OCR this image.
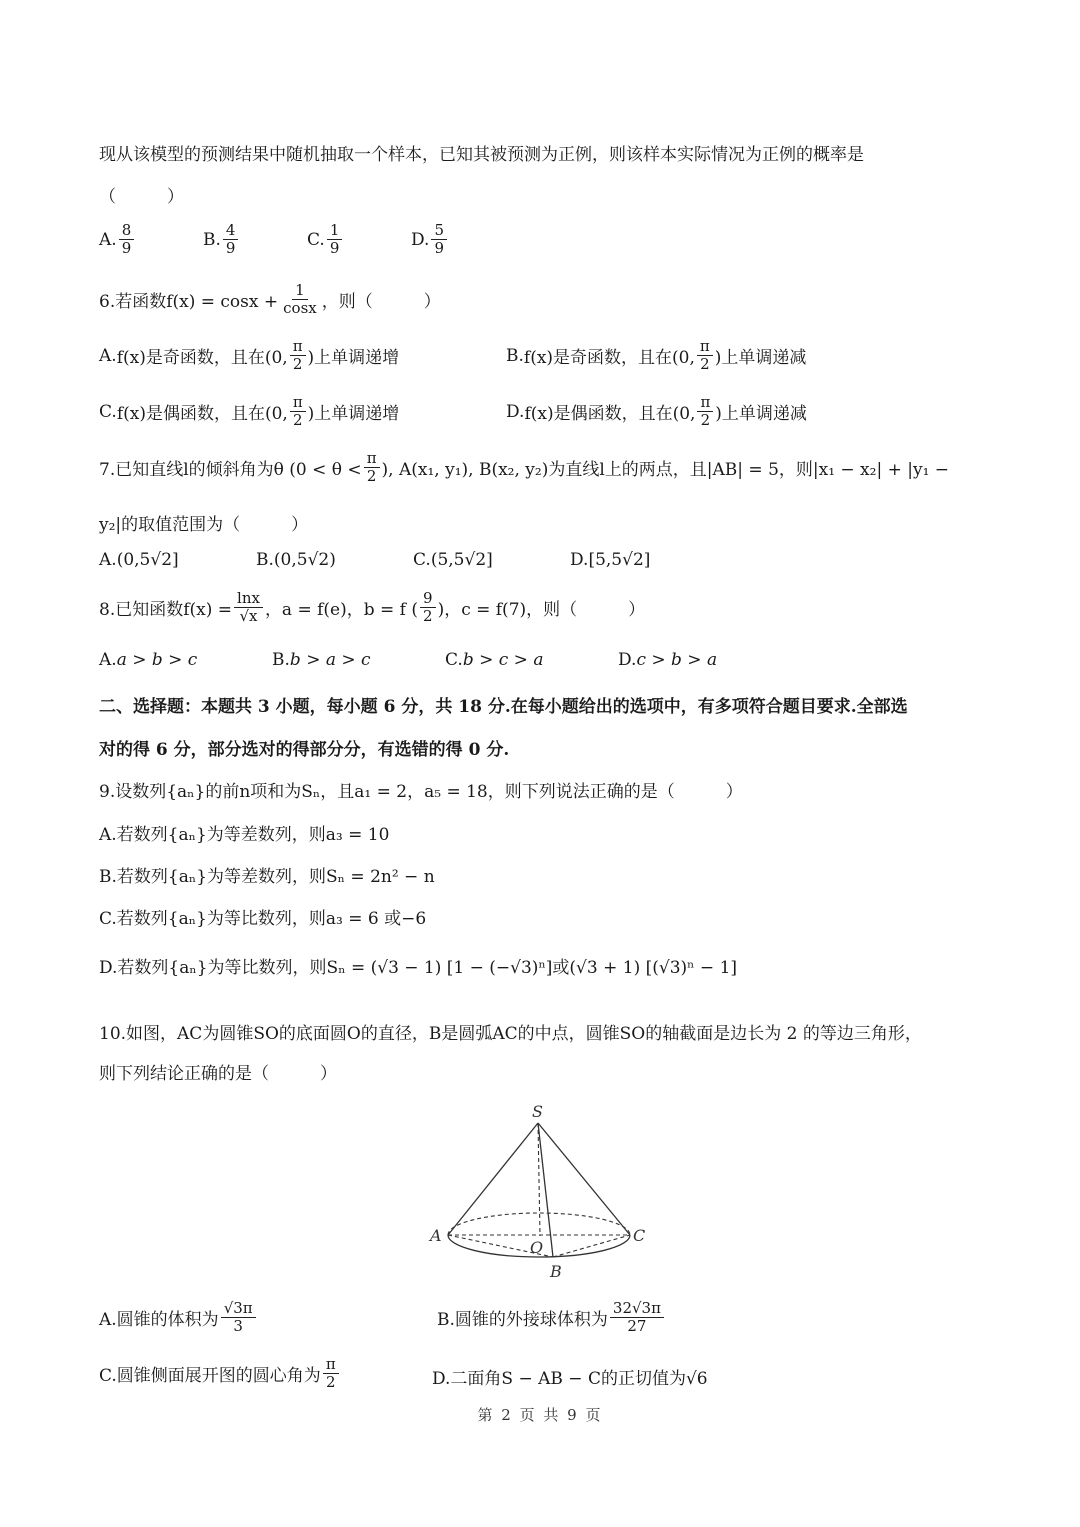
现从该模型的预测结果中随机抽取一个样本，已知其被预测为正例，则该样本实际情况为正例的概率是
（　　　）
A. $\frac{8}{9}$	B. $\frac{4}{9}$	C. $\frac{1}{9}$	D. $\frac{5}{9}$
6.若函数$f(x) = \cos x + \frac{1}{\cos x}$ ，则（　　　）
A. f(x)是奇函数，且在(0, $\frac{\pi}{2}$ )上单调递增	B. f(x)是奇函数，且在(0, $\frac{\pi}{2}$ )上单调递减
C. f(x)是偶函数，且在(0, $\frac{\pi}{2}$ )上单调递增	D. f(x)是偶函数，且在(0, $\frac{\pi}{2}$ )上单调递减
7.已知直线l的倾斜角为θ ($0 < \theta < \frac{\pi}{2}$ ), A(x₁, y₁), B(x₂, y₂)为直线l上的两点，且|AB| = 5，则|x₁ − x₂| + |y₁ −
y₂|的取值范围为（　　　）
A. (0,5√2]	B. (0,5√2)	C. (5,5√2]	D. [5,5√2]
8.已知函数$f(x) = \frac{\ln x}{√x}$ ，a = f(e)，b = f ( $\frac{9}{2}$ )，c = f(7)，则（　　　）
A. a > b > c	B. b > a > c	C. b > c > a	D. c > b > a
二、选择题：本题共 3 小题，每小题 6 分，共 18 分.在每小题给出的选项中，有多项符合题目要求.全部选
对的得 6 分，部分选对的得部分分，有选错的得 0 分.
9.设数列{aₙ}的前n项和为Sₙ，且a₁ = 2，a₅ = 18，则下列说法正确的是（　　　）
A.若数列{aₙ}为等差数列，则a₃ = 10
B.若数列{aₙ}为等差数列，则Sₙ = 2n² − n
C.若数列{aₙ}为等比数列，则a₃ = 6 或−6
D.若数列{aₙ}为等比数列，则Sₙ = (√3 − 1) [1 − (−√3)ⁿ]或(√3 + 1) [(√3)ⁿ − 1]
10.如图，AC为圆锥SO的底面圆O的直径，B是圆弧AC的中点，圆锥SO的轴截面是边长为 2 的等边三角形，
则下列结论正确的是（　　　）
S
A
O
C
B
A.圆锥的体积为 $\frac{√3\pi}{3}$	B.圆锥的外接球体积为 $\frac{32√3\pi}{27}$
C.圆锥侧面展开图的圆心角为 $\frac{\pi}{2}$	D.二面角S − AB − C的正切值为√6
第 2 页 共 9 页
